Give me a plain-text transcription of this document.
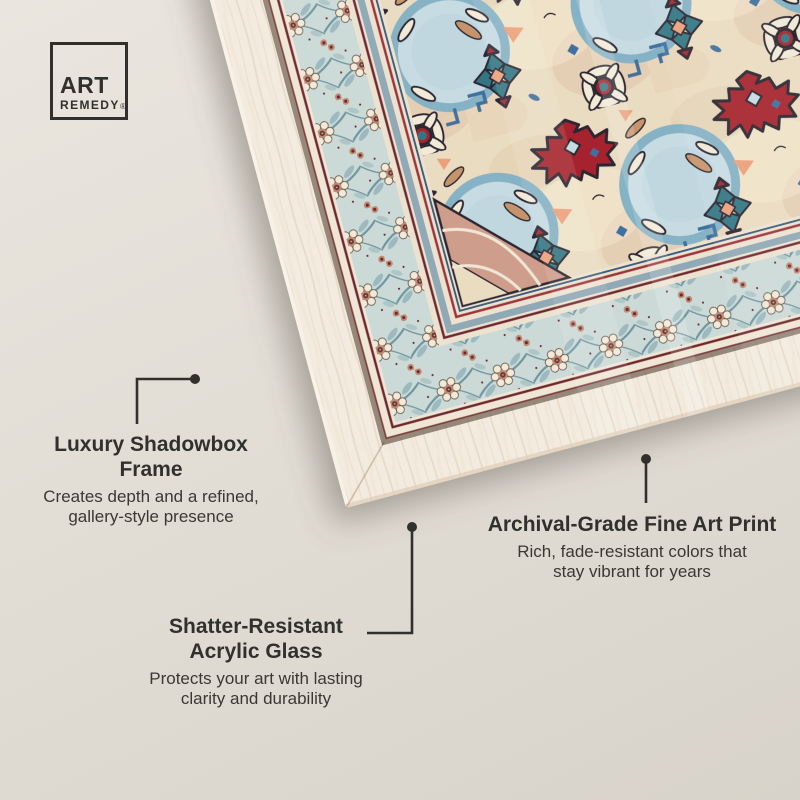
ART
REMEDY ®
Luxury Shadowbox
Frame

Creates depth and a refined,
gallery-style presence	Archival-Grade Fine Art Print

Rich, fade-resistant colors that
stay vibrant for years

Shatter-Resistant
Acrylic Glass

Protects your art with lasting
clarity and durability
